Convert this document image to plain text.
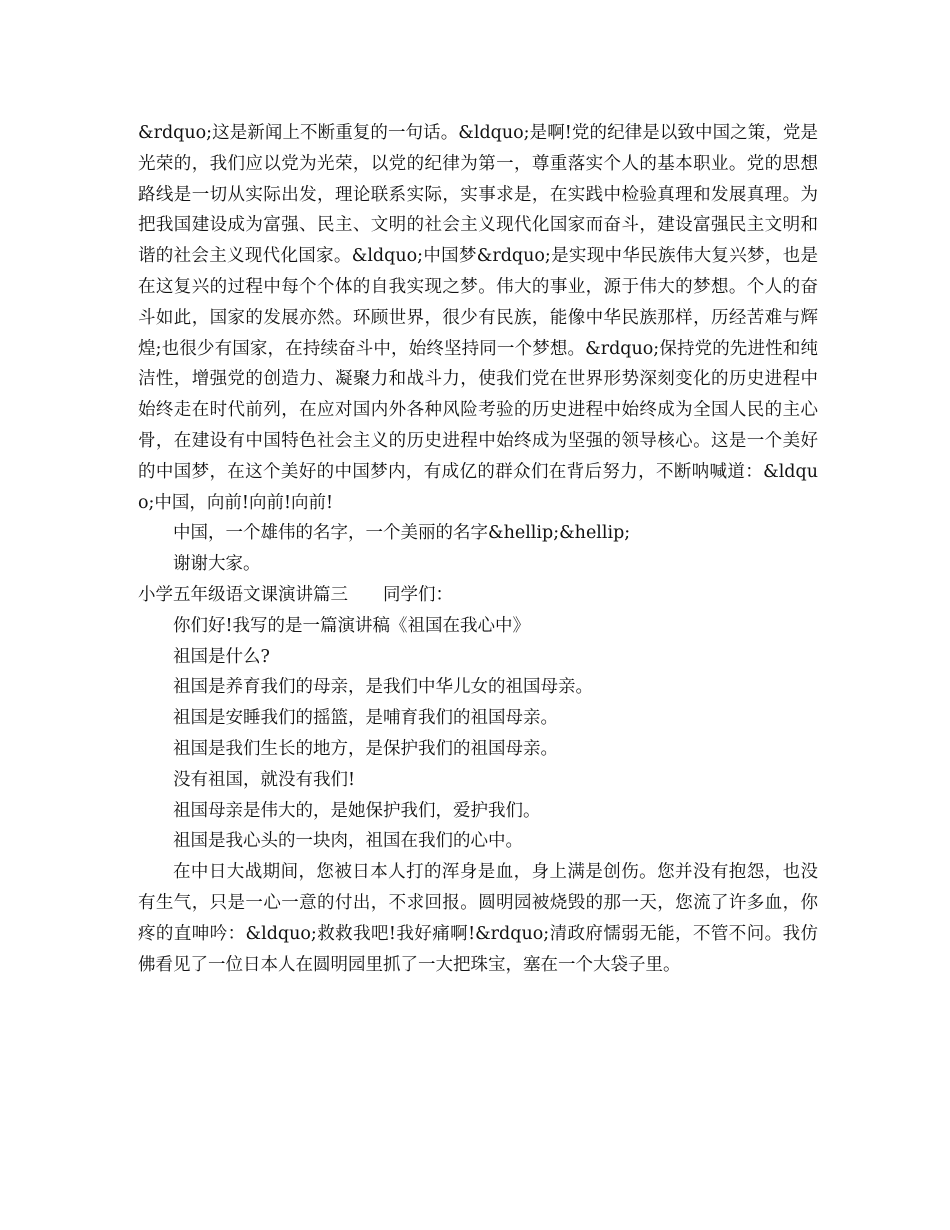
&rdquo;这是新闻上不断重复的一句话。&ldquo;是啊!党的纪律是以致中国之策，党是光荣的，我们应以党为光荣，以党的纪律为第一，尊重落实个人的基本职业。党的思想路线是一切从实际出发，理论联系实际，实事求是，在实践中检验真理和发展真理。为把我国建设成为富强、民主、文明的社会主义现代化国家而奋斗，建设富强民主文明和谐的社会主义现代化国家。&ldquo;中国梦&rdquo;是实现中华民族伟大复兴梦，也是在这复兴的过程中每个个体的自我实现之梦。伟大的事业，源于伟大的梦想。个人的奋斗如此，国家的发展亦然。环顾世界，很少有民族，能像中华民族那样，历经苦难与辉煌;也很少有国家，在持续奋斗中，始终坚持同一个梦想。&rdquo;保持党的先进性和纯洁性，增强党的创造力、凝聚力和战斗力，使我们党在世界形势深刻变化的历史进程中始终走在时代前列，在应对国内外各种风险考验的历史进程中始终成为全国人民的主心骨，在建设有中国特色社会主义的历史进程中始终成为坚强的领导核心。这是一个美好的中国梦，在这个美好的中国梦内，有成亿的群众们在背后努力，不断呐喊道：&ldquo;中国，向前!向前!向前!

中国，一个雄伟的名字，一个美丽的名字&hellip;&hellip;

谢谢大家。

小学五年级语文课演讲篇三　　同学们：

你们好!我写的是一篇演讲稿《祖国在我心中》

祖国是什么?

祖国是养育我们的母亲，是我们中华儿女的祖国母亲。

祖国是安睡我们的摇篮，是哺育我们的祖国母亲。

祖国是我们生长的地方，是保护我们的祖国母亲。

没有祖国，就没有我们!

祖国母亲是伟大的，是她保护我们，爱护我们。

祖国是我心头的一块肉，祖国在我们的心中。

在中日大战期间，您被日本人打的浑身是血，身上满是创伤。您并没有抱怨，也没有生气，只是一心一意的付出，不求回报。圆明园被烧毁的那一天，您流了许多血，你疼的直呻吟：&ldquo;救救我吧!我好痛啊!&rdquo;清政府懦弱无能，不管不问。我仿佛看见了一位日本人在圆明园里抓了一大把珠宝，塞在一个大袋子里。
